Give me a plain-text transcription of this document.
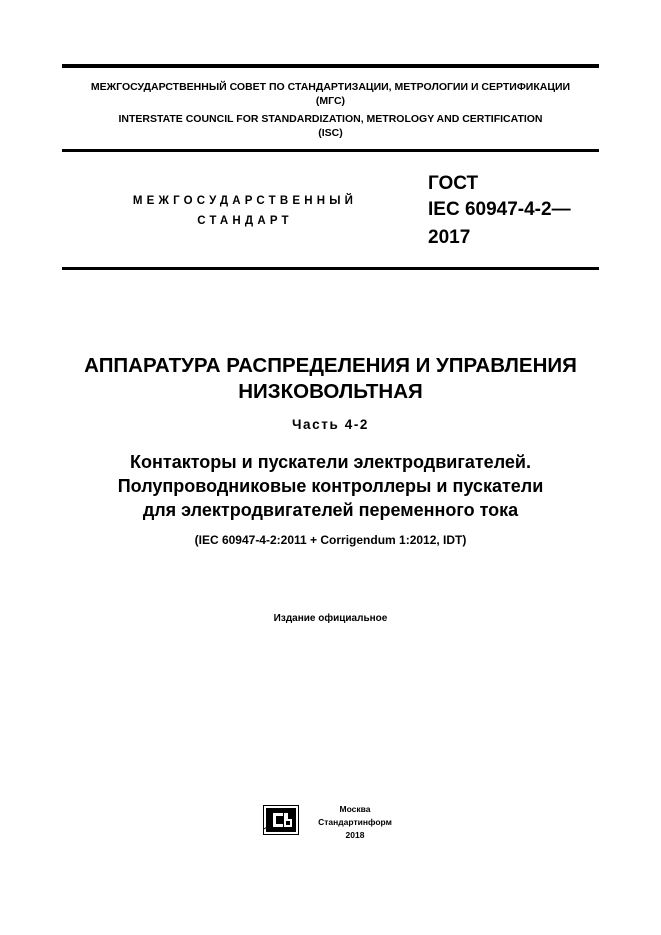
МЕЖГОСУДАРСТВЕННЫЙ СОВЕТ ПО СТАНДАРТИЗАЦИИ, МЕТРОЛОГИИ И СЕРТИФИКАЦИИ
(МГС)
INTERSTATE COUNCIL FOR STANDARDIZATION, METROLOGY AND CERTIFICATION
(ISC)
МЕЖГОСУДАРСТВЕННЫЙ
СТАНДАРТ
ГОСТ
IEC 60947-4-2—
2017
АППАРАТУРА РАСПРЕДЕЛЕНИЯ И УПРАВЛЕНИЯ
НИЗКОВОЛЬТНАЯ
Часть 4-2
Контакторы и пускатели электродвигателей.
Полупроводниковые контроллеры и пускатели
для электродвигателей переменного тока
(IEC 60947-4-2:2011 + Corrigendum 1:2012, IDT)
Издание официальное
Москва
Стандартинформ
2018
